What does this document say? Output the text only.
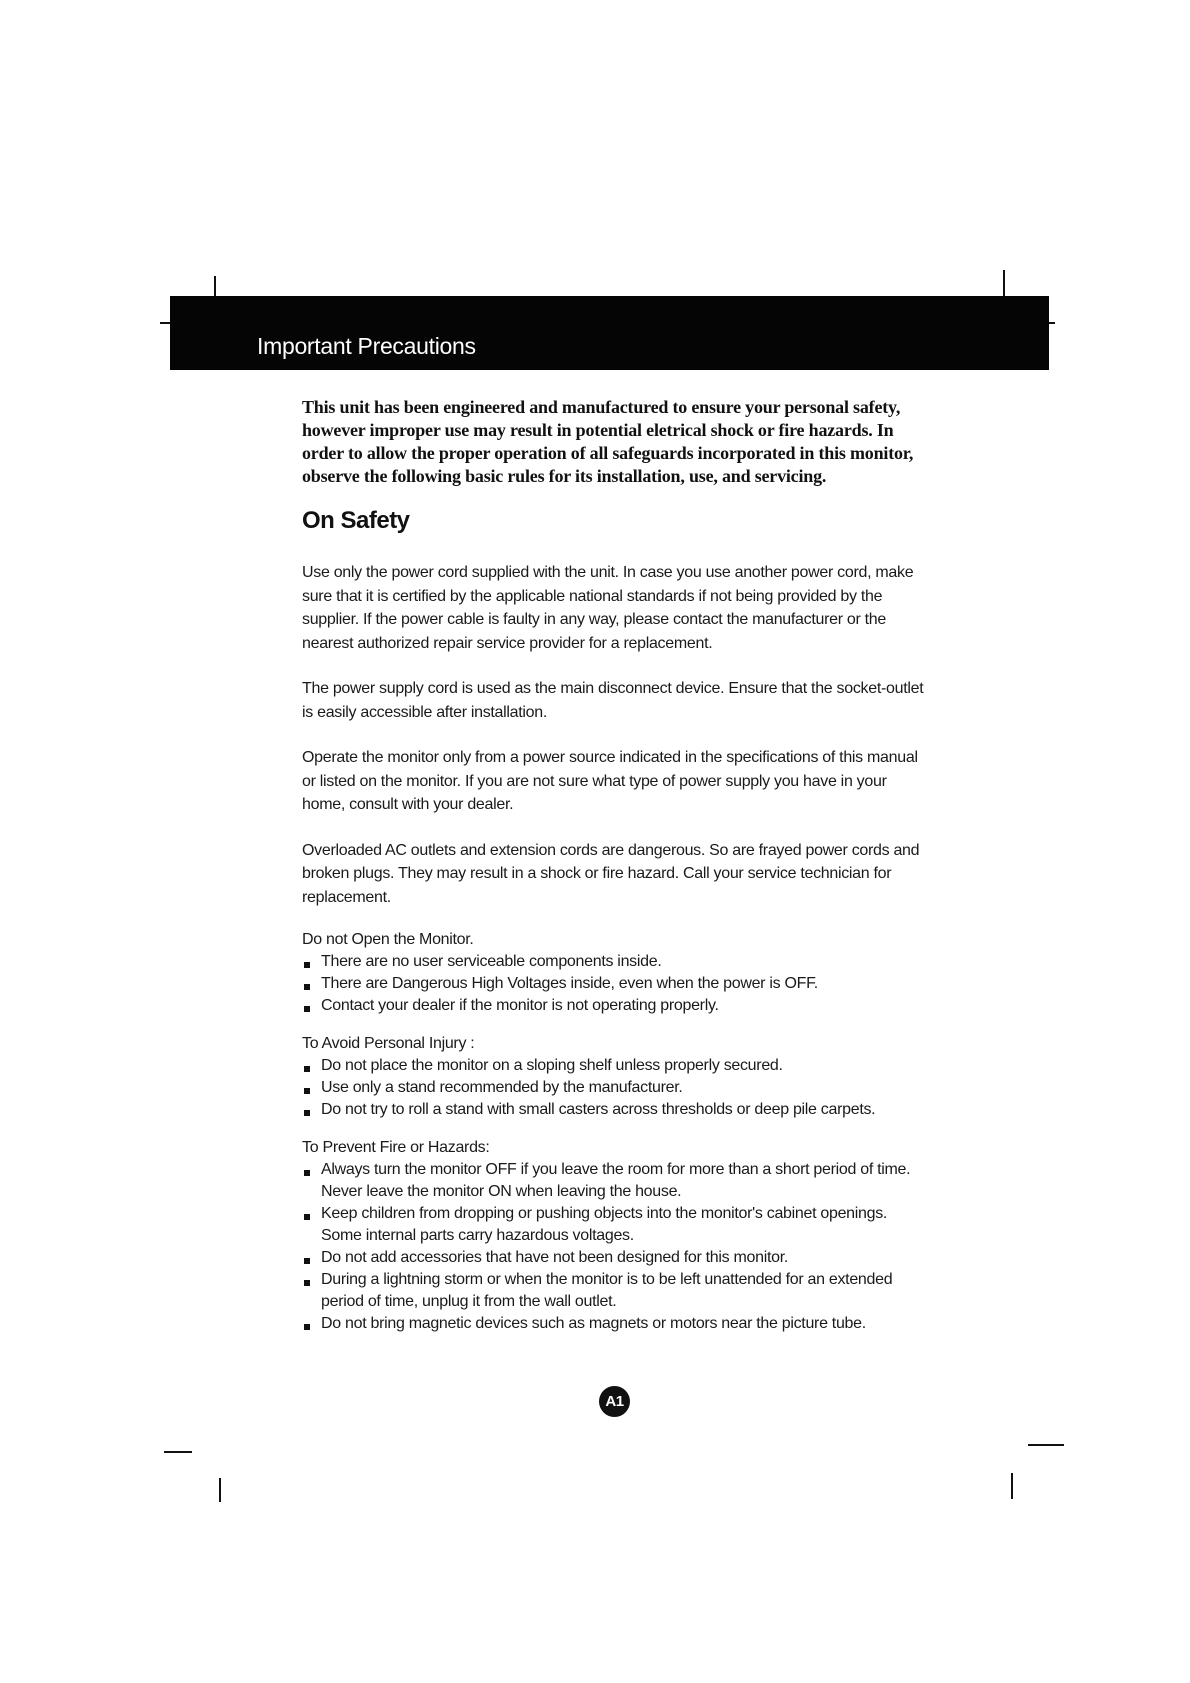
Important Precautions

This unit has been engineered and manufactured to ensure your personal safety, however improper use may result in potential eletrical shock or fire hazards. In order to allow the proper operation of all safeguards incorporated in this monitor, observe the following basic rules for its installation, use, and servicing.

On Safety

Use only the power cord supplied with the unit. In case you use another power cord, make sure that it is certified by the applicable national standards if not being provided by the supplier. If the power cable is faulty in any way, please contact the manufacturer or the nearest authorized repair service provider for a replacement.

The power supply cord is used as the main disconnect device. Ensure that the socket-outlet is easily accessible after installation.

Operate the monitor only from a power source indicated in the specifications of this manual or listed on the monitor. If you are not sure what type of power supply you have in your home, consult with your dealer.

Overloaded AC outlets and extension cords are dangerous. So are frayed power cords and broken plugs. They may result in a shock or fire hazard. Call your service technician for replacement.

Do not Open the Monitor.

There are no user serviceable components inside.
There are Dangerous High Voltages inside, even when the power is OFF.
Contact your dealer if the monitor is not operating properly.

To Avoid Personal Injury :

Do not place the monitor on a sloping shelf unless properly secured.
Use only a stand recommended by the manufacturer.
Do not try to roll a stand with small casters across thresholds or deep pile carpets.

To Prevent Fire or Hazards:

Always turn the monitor OFF if you leave the room for more than a short period of time. Never leave the monitor ON when leaving the house.
Keep children from dropping or pushing objects into the monitor's cabinet openings. Some internal parts carry hazardous voltages.
Do not add accessories that have not been designed for this monitor.
During a lightning storm or when the monitor is to be left unattended for an extended period of time, unplug it from the wall outlet.
Do not bring magnetic devices such as magnets or motors near the picture tube.
A1
